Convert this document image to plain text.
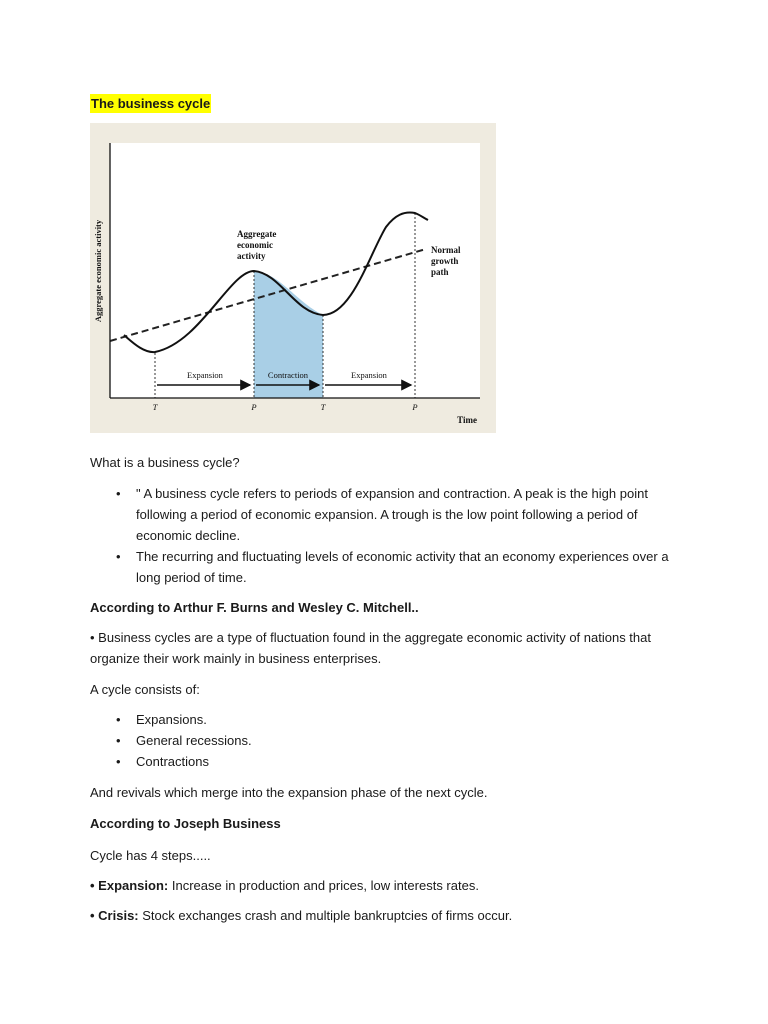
The business cycle
Expansion	Contraction	Expansion
T	P	T	P
Time
Aggregate economic activity	Aggregate economic activity
Normal growth path

What is a business cycle?

• " A business cycle refers to periods of expansion and contraction. A peak is the high point following a period of economic expansion. A trough is the low point following a period of economic decline.
• The recurring and fluctuating levels of economic activity that an economy experiences over a long period of time.

According to Arthur F. Burns and Wesley C. Mitchell..

• Business cycles are a type of fluctuation found in the aggregate economic activity of nations that organize their work mainly in business enterprises.

A cycle consists of:

• Expansions.
• General recessions.
• Contractions

And revivals which merge into the expansion phase of the next cycle.

According to Joseph Business

Cycle has 4 steps.....

• Expansion: Increase in production and prices, low interests rates.

• Crisis: Stock exchanges crash and multiple bankruptcies of firms occur.
